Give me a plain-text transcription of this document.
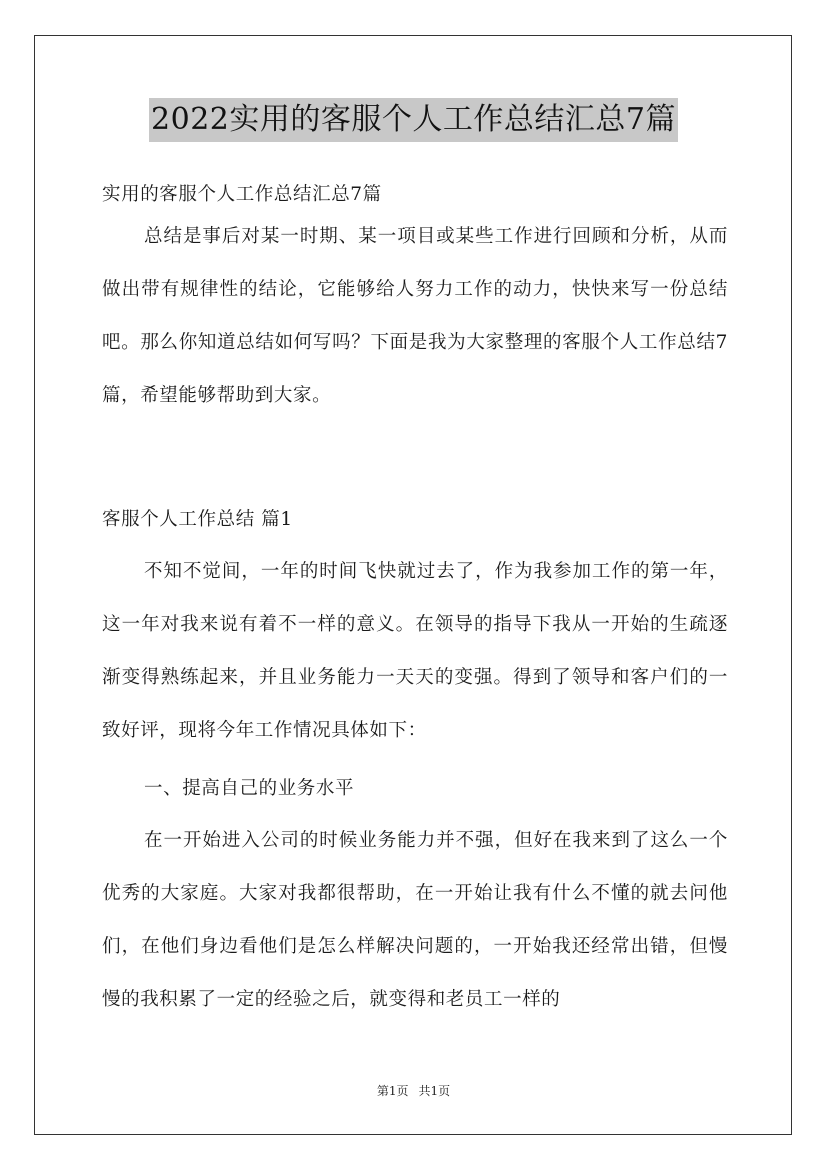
2022实用的客服个人工作总结汇总7篇

实用的客服个人工作总结汇总7篇

总结是事后对某一时期、某一项目或某些工作进行回顾和分析，从而做出带有规律性的结论，它能够给人努力工作的动力，快快来写一份总结吧。那么你知道总结如何写吗？下面是我为大家整理的客服个人工作总结7篇，希望能够帮助到大家。

客服个人工作总结 篇1

不知不觉间，一年的时间飞快就过去了，作为我参加工作的第一年，这一年对我来说有着不一样的意义。在领导的指导下我从一开始的生疏逐渐变得熟练起来，并且业务能力一天天的变强。得到了领导和客户们的一致好评，现将今年工作情况具体如下：

一、提高自己的业务水平

在一开始进入公司的时候业务能力并不强，但好在我来到了这么一个优秀的大家庭。大家对我都很帮助，在一开始让我有什么不懂的就去问他们，在他们身边看他们是怎么样解决问题的，一开始我还经常出错，但慢慢的我积累了一定的经验之后，就变得和老员工一样的

第1页 共1页
